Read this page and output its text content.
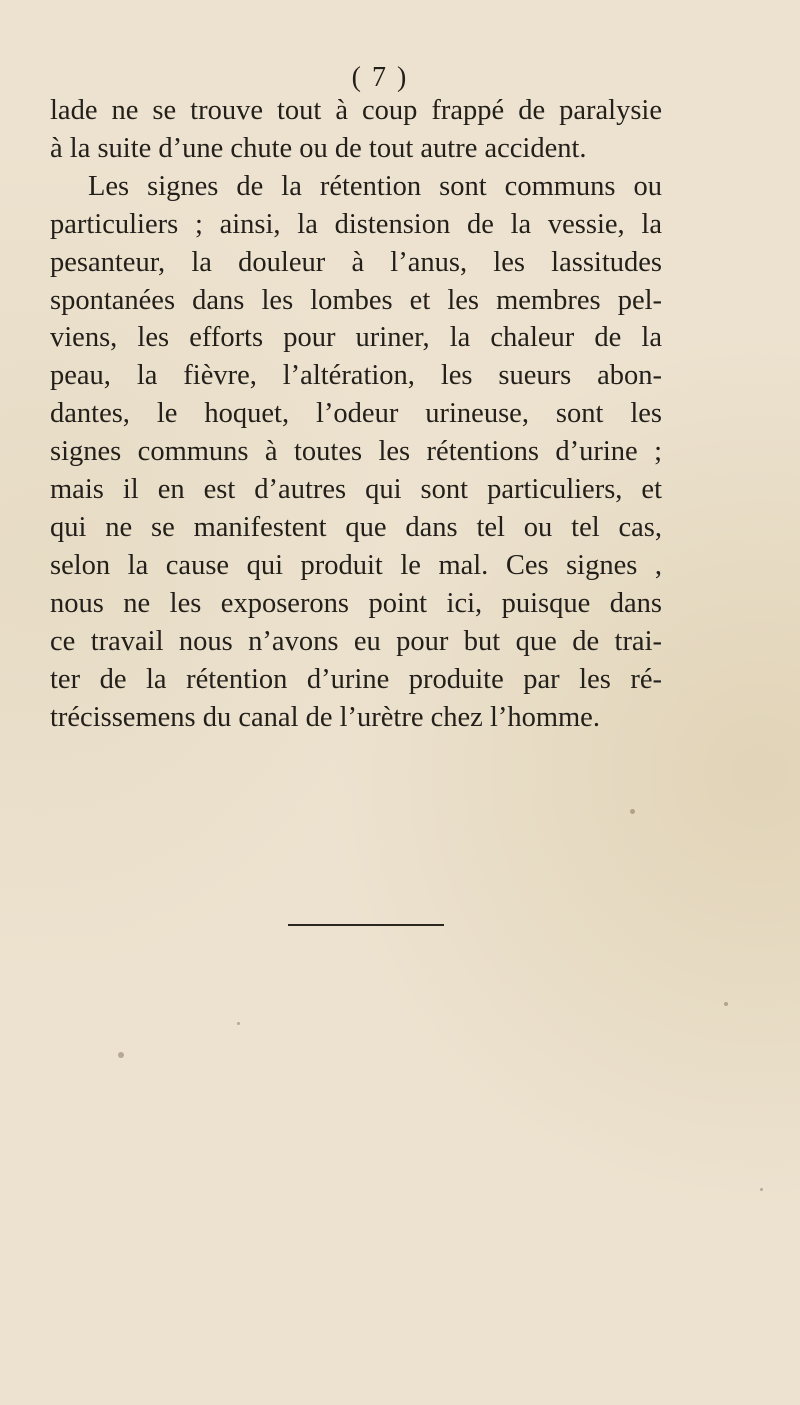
( 7 )
lade ne se trouve tout à coup frappé de paralysie
à la suite d’une chute ou de tout autre accident.
Les signes de la rétention sont communs ou
particuliers ; ainsi, la distension de la vessie, la
pesanteur, la douleur à l’anus, les lassitudes
spontanées dans les lombes et les membres pel-
viens, les efforts pour uriner, la chaleur de la
peau, la fièvre, l’altération, les sueurs abon-
dantes, le hoquet, l’odeur urineuse, sont les
signes communs à toutes les rétentions d’urine ;
mais il en est d’autres qui sont particuliers, et
qui ne se manifestent que dans tel ou tel cas,
selon la cause qui produit le mal. Ces signes ,
nous ne les exposerons point ici, puisque dans
ce travail nous n’avons eu pour but que de trai-
ter de la rétention d’urine produite par les ré-
trécissemens du canal de l’urètre chez l’homme.
